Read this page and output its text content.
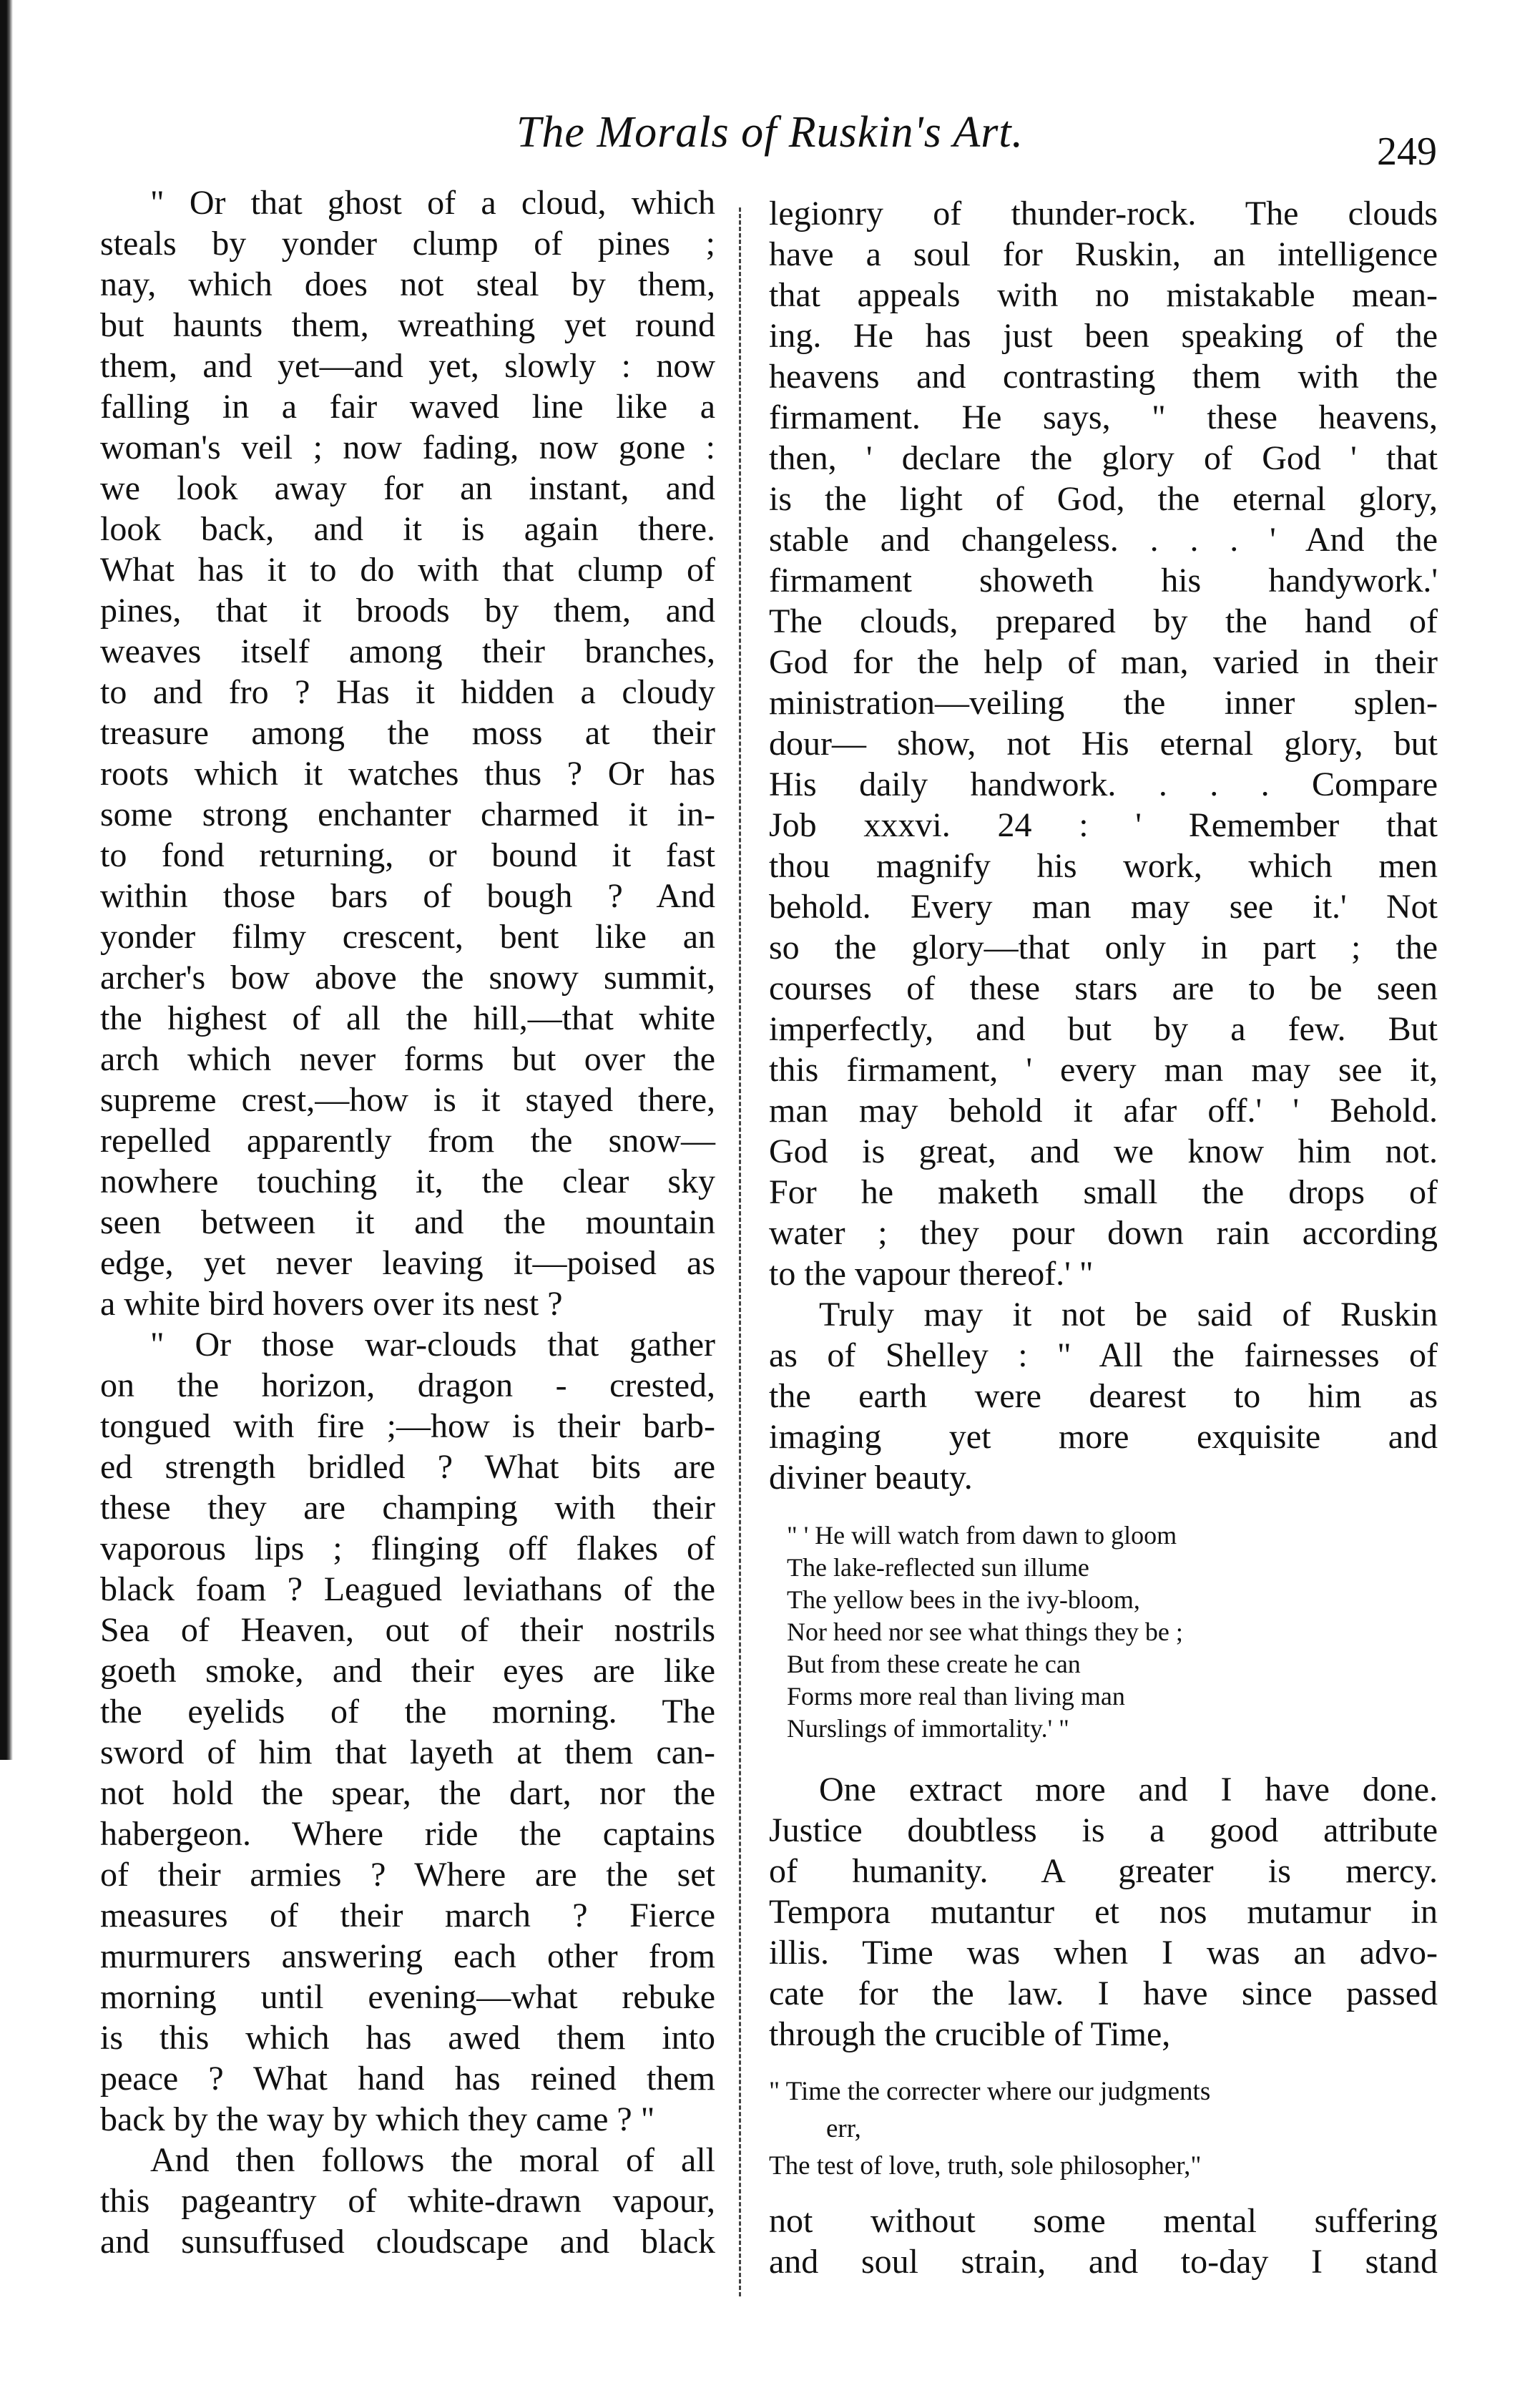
The Morals of Ruskin's Art.	249
" Or that ghost of a cloud, which
steals by yonder clump of pines ;
nay, which does not steal by them,
but haunts them, wreathing yet round
them, and yet—and yet, slowly : now
falling in a fair waved line like a
woman's veil ; now fading, now gone :
we look away for an instant, and
look back, and it is again there.
What has it to do with that clump of
pines, that it broods by them, and
weaves itself among their branches,
to and fro ? Has it hidden a cloudy
treasure among the moss at their
roots which it watches thus ? Or has
some strong enchanter charmed it in-
to fond returning, or bound it fast
within those bars of bough ? And
yonder filmy crescent, bent like an
archer's bow above the snowy summit,
the highest of all the hill,—that white
arch which never forms but over the
supreme crest,—how is it stayed there,
repelled apparently from the snow—
nowhere touching it, the clear sky
seen between it and the mountain
edge, yet never leaving it—poised as
a white bird hovers over its nest ?
" Or those war-clouds that gather
on the horizon, dragon - crested,
tongued with fire ;—how is their barb-
ed strength bridled ? What bits are
these they are champing with their
vaporous lips ; flinging off flakes of
black foam ? Leagued leviathans of the
Sea of Heaven, out of their nostrils
goeth smoke, and their eyes are like
the eyelids of the morning. The
sword of him that layeth at them can-
not hold the spear, the dart, nor the
habergeon. Where ride the captains
of their armies ? Where are the set
measures of their march ? Fierce
murmurers answering each other from
morning until evening—what rebuke
is this which has awed them into
peace ? What hand has reined them
back by the way by which they came ? "
And then follows the moral of all
this pageantry of white-drawn vapour,
and sunsuffused cloudscape and black
legionry of thunder-rock. The clouds
have a soul for Ruskin, an intelligence
that appeals with no mistakable mean-
ing. He has just been speaking of the
heavens and contrasting them with the
firmament. He says, " these heavens,
then, ' declare the glory of God ' that
is the light of God, the eternal glory,
stable and changeless. . . . ' And the
firmament showeth his handywork.'
The clouds, prepared by the hand of
God for the help of man, varied in their
ministration—veiling the inner splen-
dour— show, not His eternal glory, but
His daily handwork. . . . Compare
Job xxxvi. 24 : ' Remember that
thou magnify his work, which men
behold. Every man may see it.' Not
so the glory—that only in part ; the
courses of these stars are to be seen
imperfectly, and but by a few. But
this firmament, ' every man may see it,
man may behold it afar off.' ' Behold.
God is great, and we know him not.
For he maketh small the drops of
water ; they pour down rain according
to the vapour thereof.' "
Truly may it not be said of Ruskin
as of Shelley : " All the fairnesses of
the earth were dearest to him as
imaging yet more exquisite and
diviner beauty.
" ' He will watch from dawn to gloom
The lake-reflected sun illume
The yellow bees in the ivy-bloom,
Nor heed nor see what things they be ;
But from these create he can
Forms more real than living man
Nurslings of immortality.' "
One extract more and I have done.
Justice doubtless is a good attribute
of humanity. A greater is mercy.
Tempora mutantur et nos mutamur in
illis. Time was when I was an advo-
cate for the law. I have since passed
through the crucible of Time,
" Time the correcter where our judgments
err,
The test of love, truth, sole philosopher,"
not without some mental suffering
and soul strain, and to-day I stand
